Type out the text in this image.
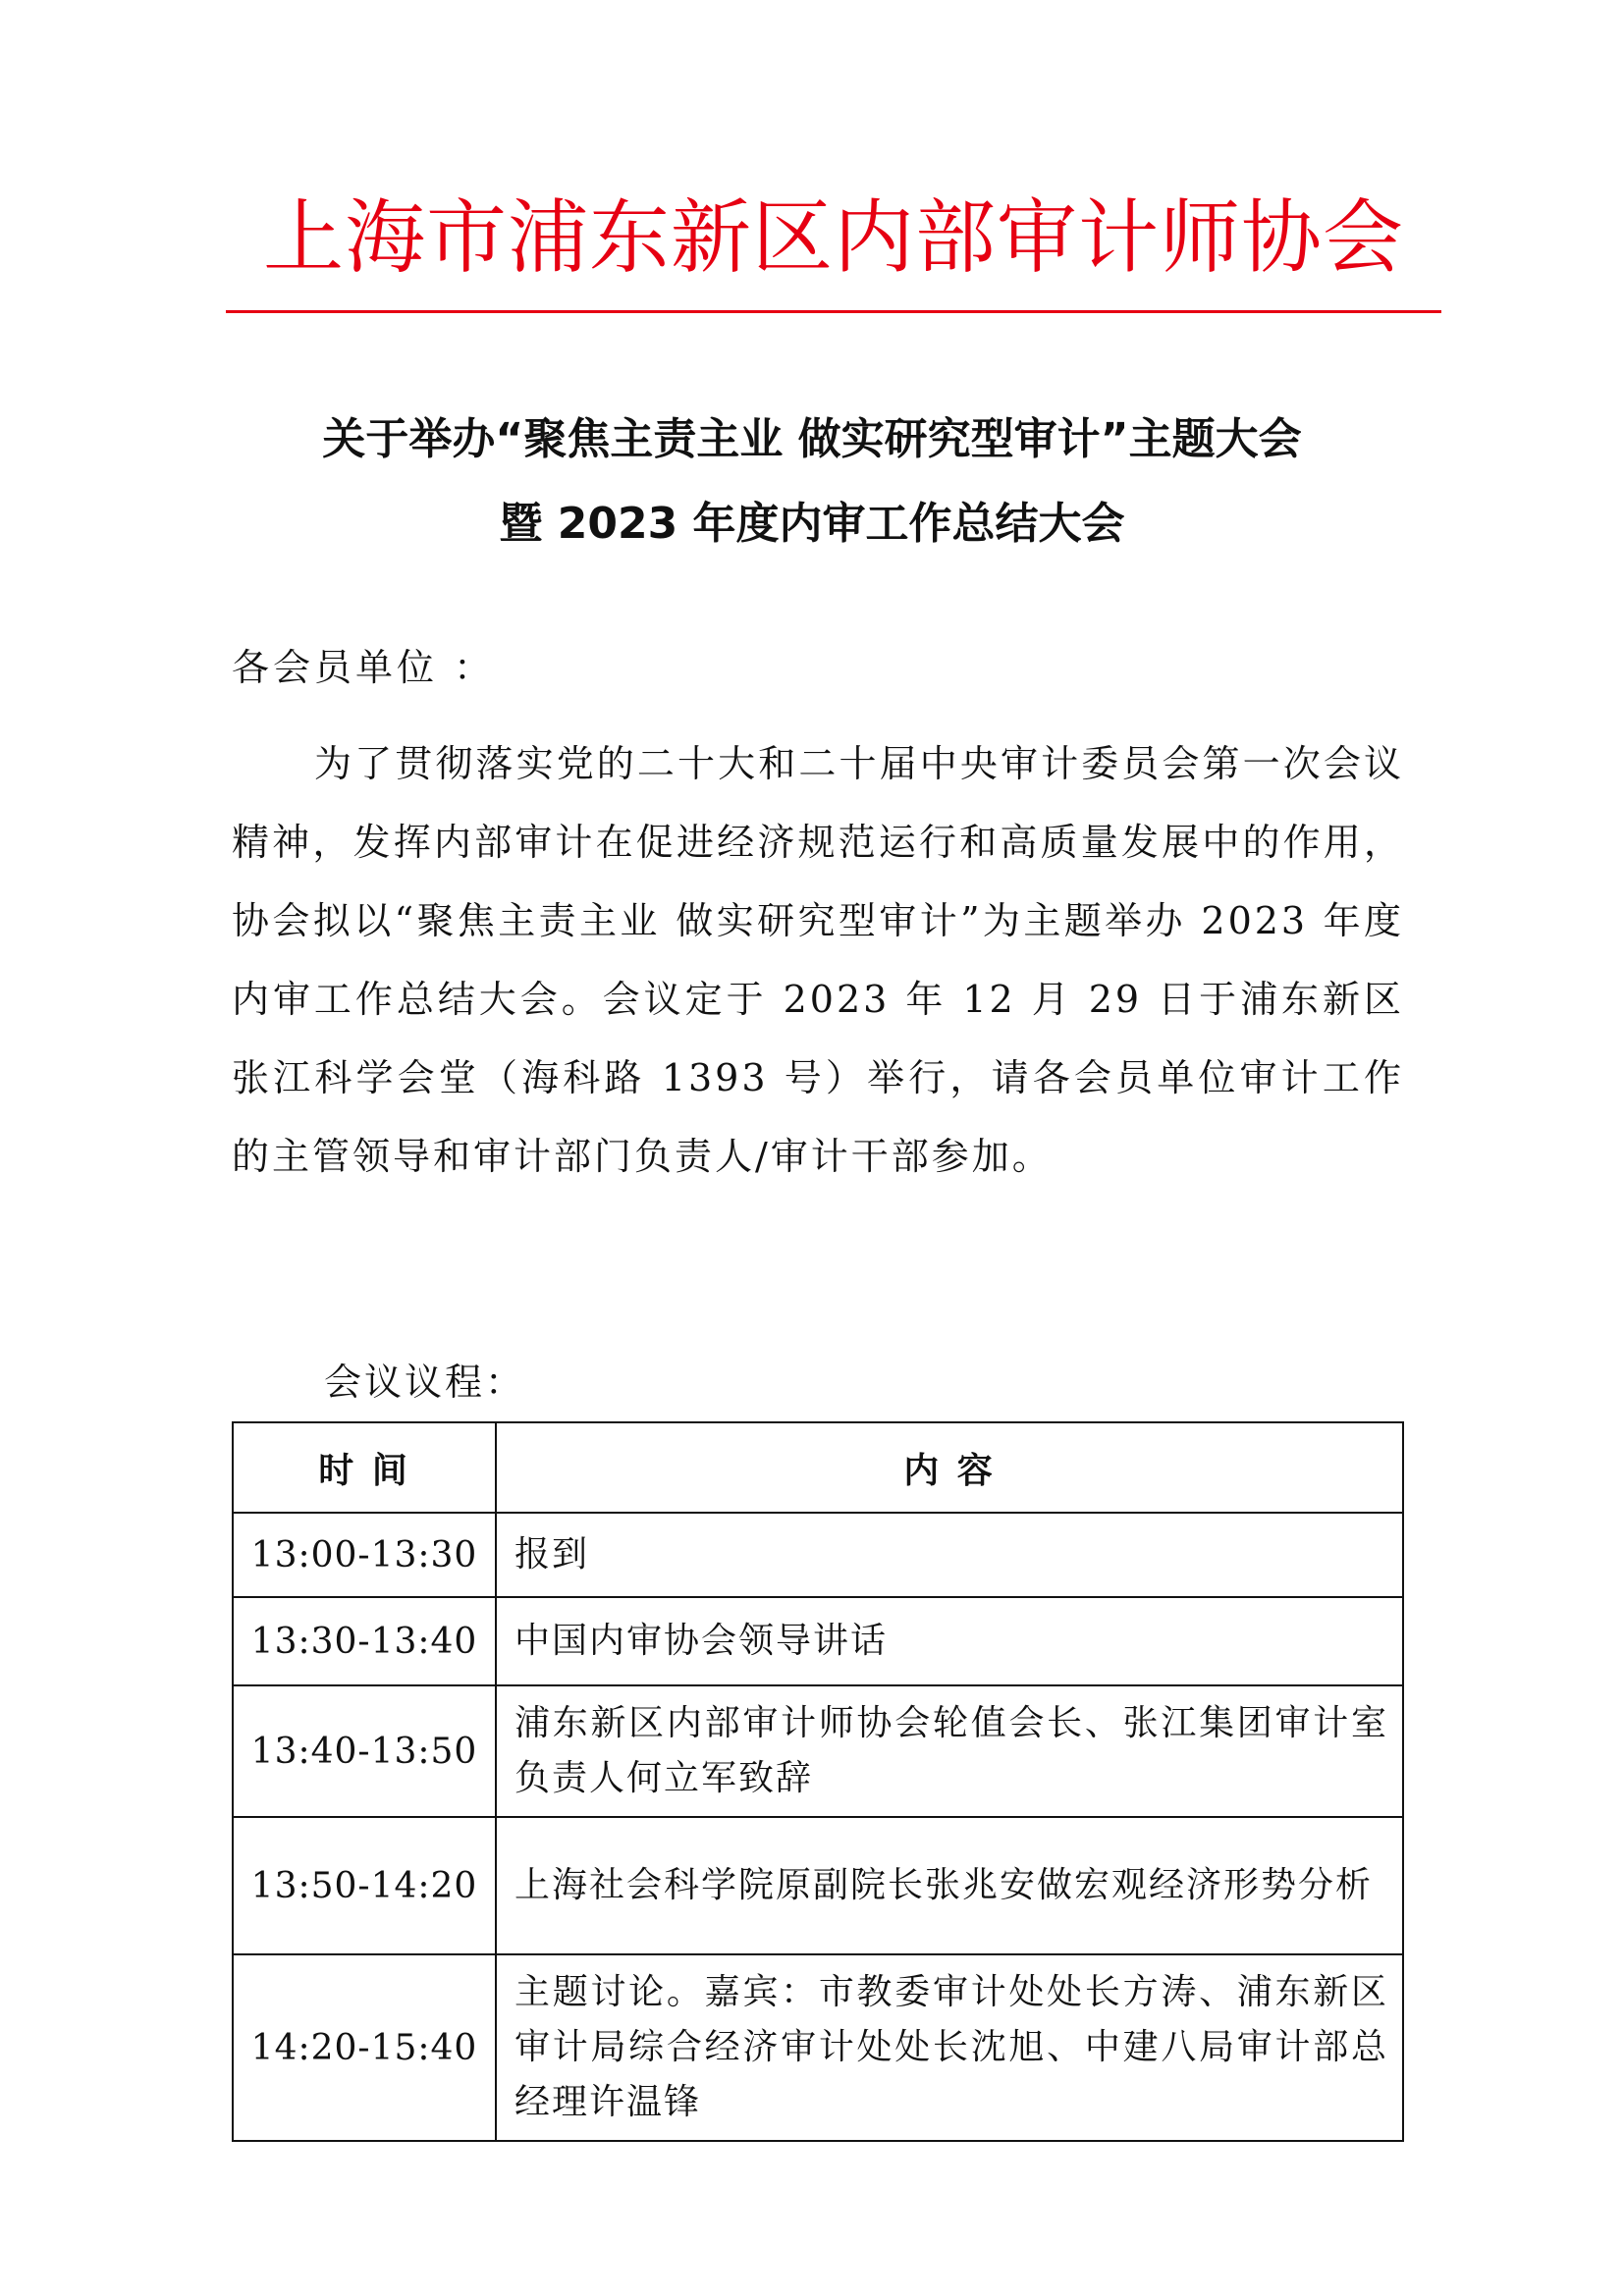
上海市浦东新区内部审计师协会
关于举办“聚焦主责主业 做实研究型审计”主题大会
暨 2023 年度内审工作总结大会
各会员单位 ：

为了贯彻落实党的二十大和二十届中央审计委员会第一次会议精神，发挥内部审计在促进经济规范运行和高质量发展中的作用，协会拟以“聚焦主责主业 做实研究型审计”为主题举办 2023 年度内审工作总结大会。会议定于 2023 年 12 月 29 日于浦东新区张江科学会堂（海科路 1393 号）举行，请各会员单位审计工作的主管领导和审计部门负责人/审计干部参加。

会议议程：
时 间	内 容
13:00-13:30	报到
13:30-13:40	中国内审协会领导讲话
13:40-13:50	浦东新区内部审计师协会轮值会长、张江集团审计室负责人何立军致辞
13:50-14:20	上海社会科学院原副院长张兆安做宏观经济形势分析
14:20-15:40	主题讨论。嘉宾：市教委审计处处长方涛、浦东新区审计局综合经济审计处处长沈旭、中建八局审计部总经理许温锋
